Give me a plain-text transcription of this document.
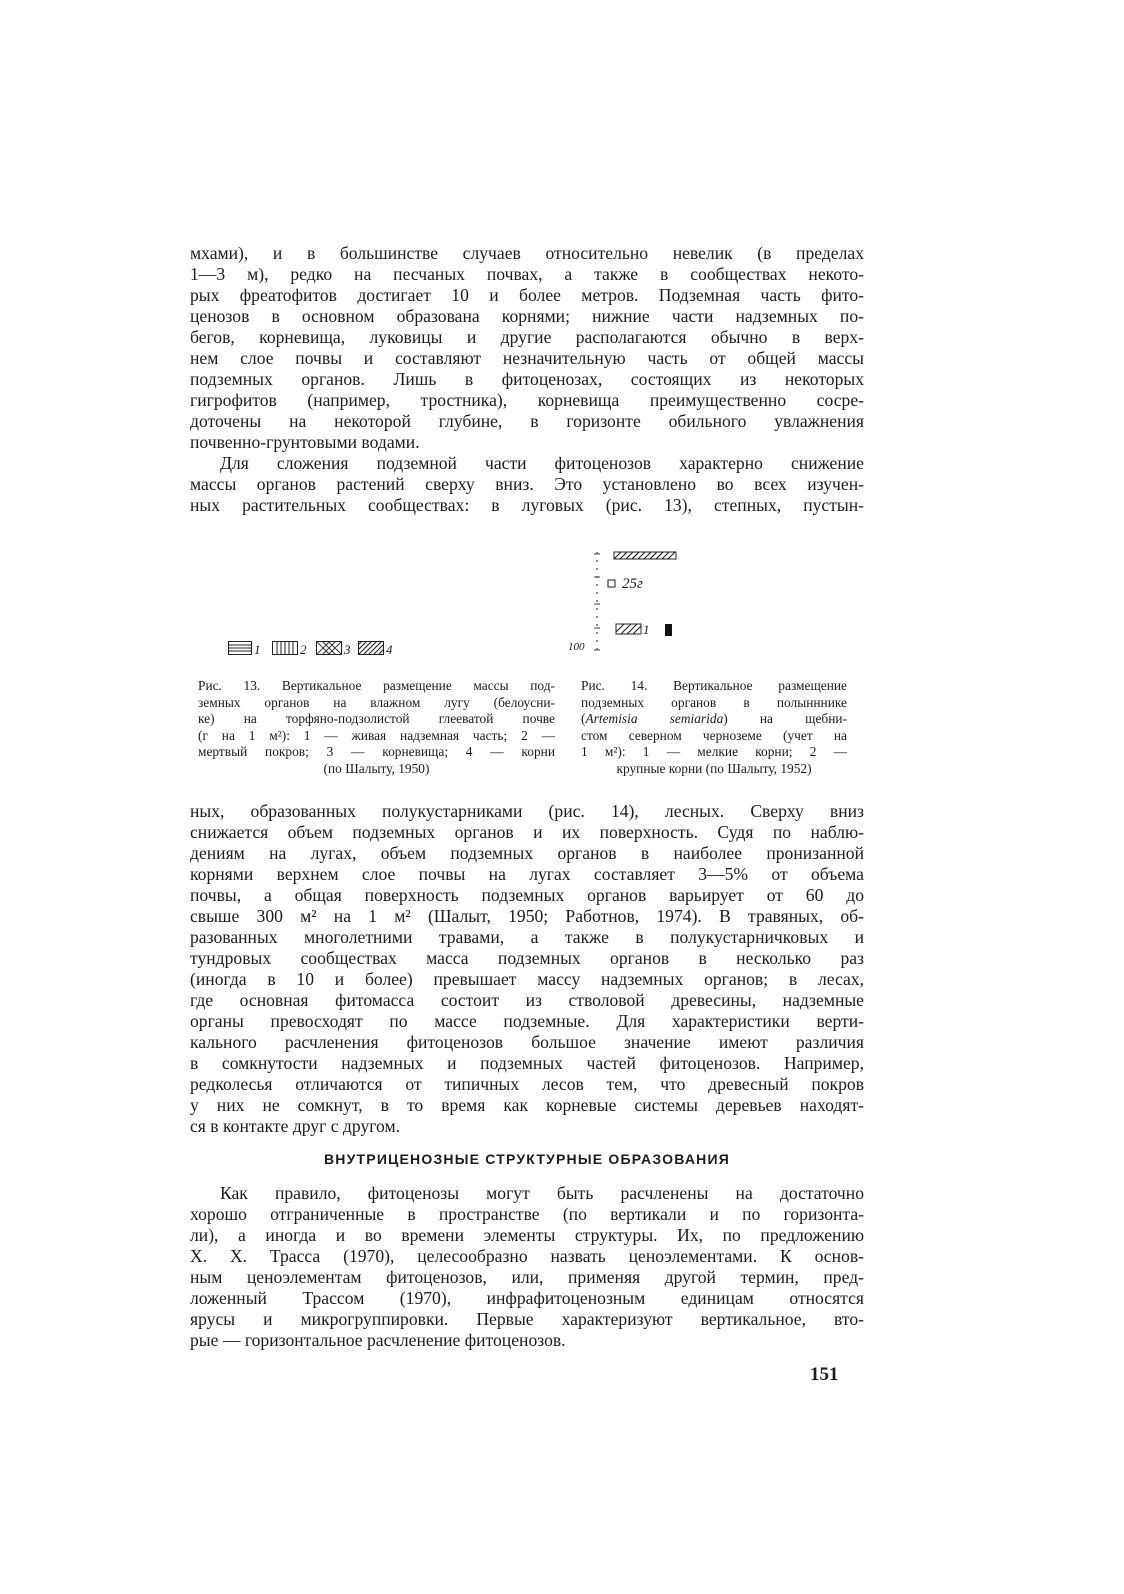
мхами), и в большинстве случаев относительно невелик (в пределах

1—3 м), редко на песчаных почвах, а также в сообществах некото-

рых фреатофитов достигает 10 и более метров. Подземная часть фито-

ценозов в основном образована корнями; нижние части надземных по-

бегов, корневища, луковицы и другие располагаются обычно в верх-

нем слое почвы и составляют незначительную часть от общей массы

подземных органов. Лишь в фитоценозах, состоящих из некоторых

гигрофитов (например, тростника), корневища преимущественно сосре-

доточены на некоторой глубине, в горизонте обильного увлажнения

почвенно-грунтовыми водами.

Для сложения подземной части фитоценозов характерно снижение

массы органов растений сверху вниз. Это установлено во всех изучен-

ных растительных сообществах: в луговых (рис. 13), степных, пустын-

1	2	3	4
25г
1
100

Рис. 13. Вертикальное размещение массы под-

земных органов на влажном лугу (белоусни-

ке) на торфяно-подзолистой глееватой почве

(г на 1 м²): 1 — живая надземная часть; 2 —

мертвый покров; 3 — корневища; 4 — корни

(по Шалыту, 1950)

Рис. 14. Вертикальное размещение

подземных органов в полынннике

(Artemisia semiarida) на щебни-

стом северном черноземе (учет на

1 м²): 1 — мелкие корни; 2 —

крупные корни (по Шалыту, 1952)

ных, образованных полукустарниками (рис. 14), лесных. Сверху вниз

снижается объем подземных органов и их поверхность. Судя по наблю-

дениям на лугах, объем подземных органов в наиболее пронизанной

корнями верхнем слое почвы на лугах составляет 3—5% от объема

почвы, а общая поверхность подземных органов варьирует от 60 до

свыше 300 м² на 1 м² (Шалыт, 1950; Работнов, 1974). В травяных, об-

разованных многолетними травами, а также в полукустарничковых и

тундровых сообществах масса подземных органов в несколько раз

(иногда в 10 и более) превышает массу надземных органов; в лесах,

где основная фитомасса состоит из стволовой древесины, надземные

органы превосходят по массе подземные. Для характеристики верти-

кального расчленения фитоценозов большое значение имеют различия

в сомкнутости надземных и подземных частей фитоценозов. Например,

редколесья отличаются от типичных лесов тем, что древесный покров

у них не сомкнут, в то время как корневые системы деревьев находят-

ся в контакте друг с другом.

ВНУТРИЦЕНОЗНЫЕ СТРУКТУРНЫЕ ОБРАЗОВАНИЯ

Как правило, фитоценозы могут быть расчленены на достаточно

хорошо отграниченные в пространстве (по вертикали и по горизонта-

ли), а иногда и во времени элементы структуры. Их, по предложению

Х. Х. Трасса (1970), целесообразно назвать ценоэлементами. К основ-

ным ценоэлементам фитоценозов, или, применяя другой термин, пред-

ложенный Трассом (1970), инфрафитоценозным единицам относятся

ярусы и микрогруппировки. Первые характеризуют вертикальное, вто-

рые — горизонтальное расчленение фитоценозов.

151
